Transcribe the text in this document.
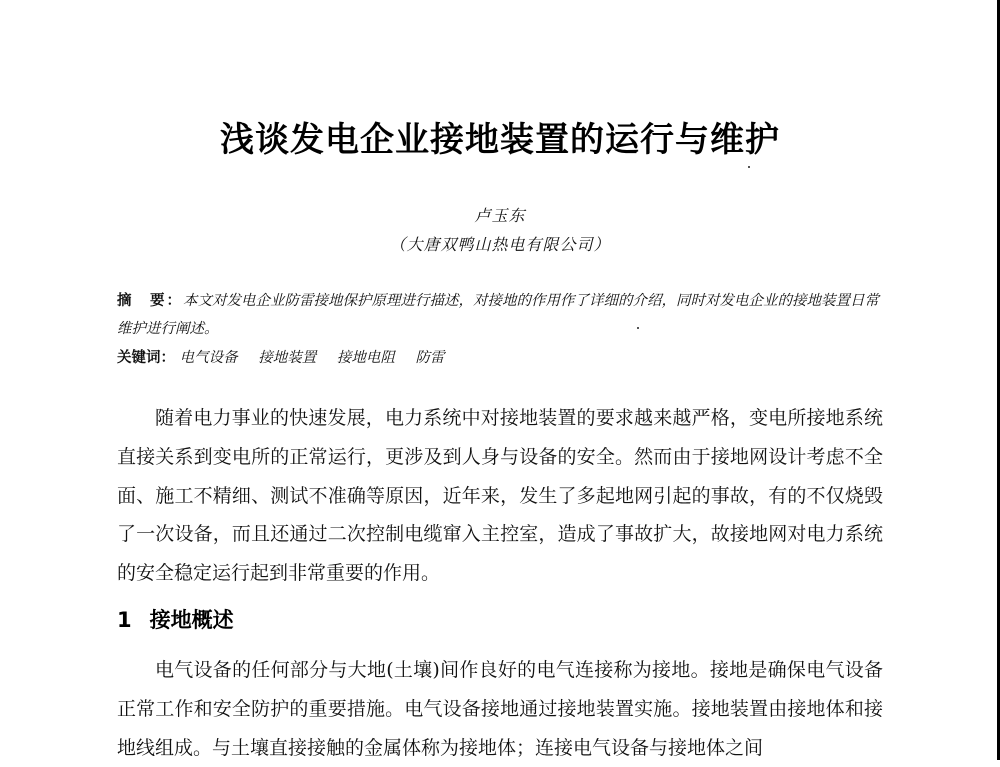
浅谈发电企业接地装置的运行与维护
卢玉东
（大唐双鸭山热电有限公司）
摘　要：本文对发电企业防雷接地保护原理进行描述，对接地的作用作了详细的介绍，同时对发电企业的接地装置日常维护进行阐述。
关键词： 电气设备 接地装置 接地电阻 防雷

随着电力事业的快速发展，电力系统中对接地装置的要求越来越严格，变电所接地系统直接关系到变电所的正常运行，更涉及到人身与设备的安全。然而由于接地网设计考虑不全面、施工不精细、测试不准确等原因，近年来，发生了多起地网引起的事故，有的不仅烧毁了一次设备，而且还通过二次控制电缆窜入主控室，造成了事故扩大，故接地网对电力系统的安全稳定运行起到非常重要的作用。

1 接地概述

电气设备的任何部分与大地(土壤)间作良好的电气连接称为接地。接地是确保电气设备正常工作和安全防护的重要措施。电气设备接地通过接地装置实施。接地装置由接地体和接地线组成。与土壤直接接触的金属体称为接地体；连接电气设备与接地体之间
